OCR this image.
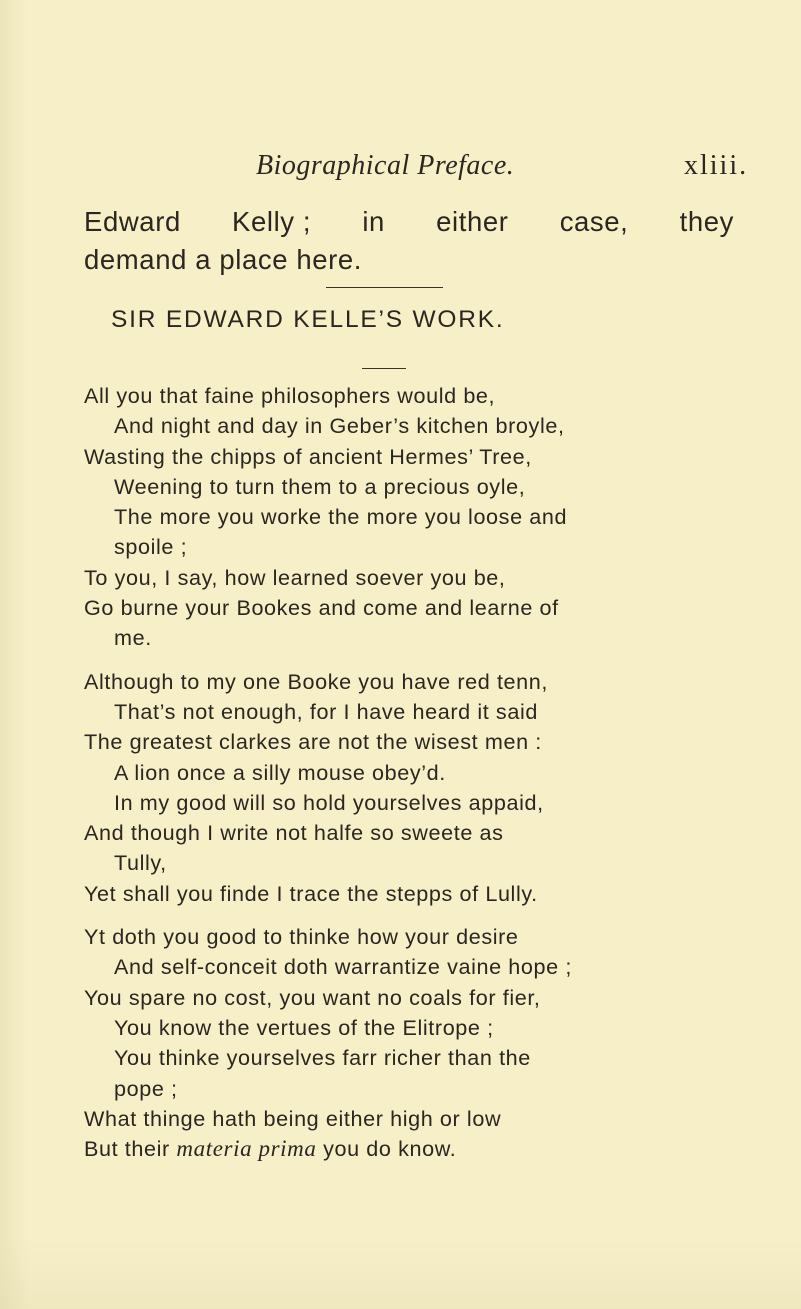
Biographical Preface.	xliii.
Edward Kelly ; in either case, they
demand a place here.
SIR EDWARD KELLE’S WORK.
All you that faine philosophers would be,
And night and day in Geber’s kitchen broyle,
Wasting the chipps of ancient Hermes’ Tree,
Weening to turn them to a precious oyle,
The more you worke the more you loose and
spoile ;
To you, I say, how learned soever you be,
Go burne your Bookes and come and learne of
me.
Although to my one Booke you have red tenn,
That’s not enough, for I have heard it said
The greatest clarkes are not the wisest men :
A lion once a silly mouse obey’d.
In my good will so hold yourselves appaid,
And though I write not halfe so sweete as
Tully,
Yet shall you finde I trace the stepps of Lully.
Yt doth you good to thinke how your desire
And self-conceit doth warrantize vaine hope ;
You spare no cost, you want no coals for fier,
You know the vertues of the Elitrope ;
You thinke yourselves farr richer than the
pope ;
What thinge hath being either high or low
But their materia prima you do know.
